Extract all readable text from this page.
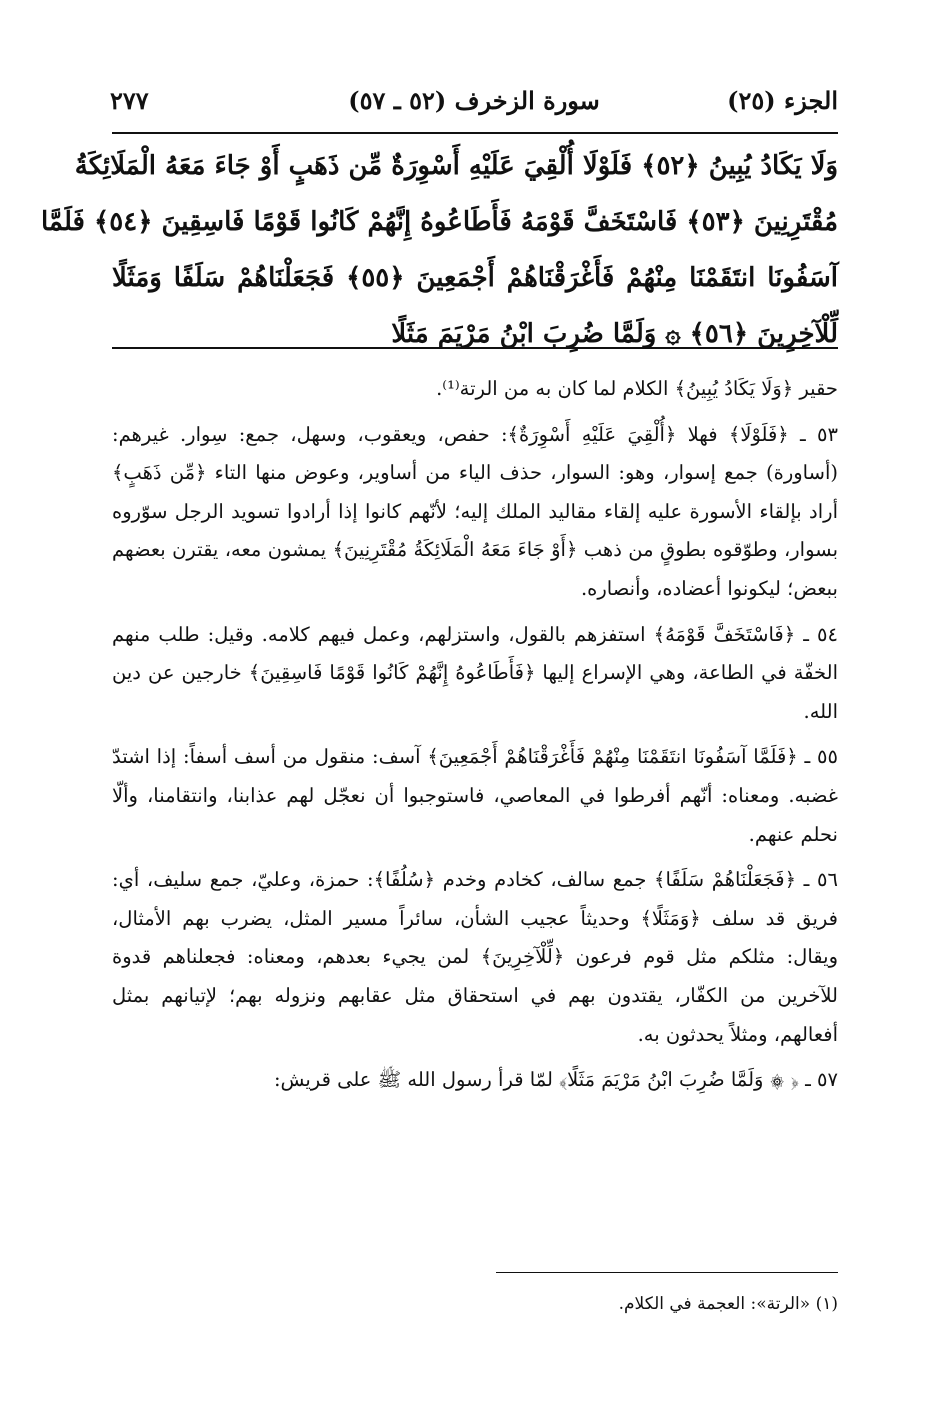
الجزء (٢٥)
سورة الزخرف (٥٢ ـ ٥٧)
٢٧٧
وَلَا يَكَادُ يُبِينُ ﴿٥٢﴾ فَلَوْلَا أُلْقِيَ عَلَيْهِ أَسْوِرَةٌ مِّن ذَهَبٍ أَوْ جَاءَ مَعَهُ الْمَلَائِكَةُ
مُقْتَرِنِينَ ﴿٥٣﴾ فَاسْتَخَفَّ قَوْمَهُ فَأَطَاعُوهُ إِنَّهُمْ كَانُوا قَوْمًا فَاسِقِينَ ﴿٥٤﴾ فَلَمَّا
آسَفُونَا انتَقَمْنَا مِنْهُمْ فَأَغْرَقْنَاهُمْ أَجْمَعِينَ ﴿٥٥﴾ فَجَعَلْنَاهُمْ سَلَفًا وَمَثَلًا
لِّلْآخِرِينَ ﴿٥٦﴾ ۞ وَلَمَّا ضُرِبَ ابْنُ مَرْيَمَ مَثَلًا

حقير ﴿وَلَا يَكَادُ يُبِينُ﴾ الكلام لما كان به من الرتة⁽¹⁾.

٥٣ ـ ﴿فَلَوْلَا﴾ فهلا ﴿أُلْقِيَ عَلَيْهِ أَسْوِرَةٌ﴾: حفص، ويعقوب، وسهل، جمع: سِوار. غيرهم: (أساورة) جمع إسوار، وهو: السوار، حذف الياء من أساوير، وعوض منها التاء ﴿مِّن ذَهَبٍ﴾ أراد بإلقاء الأسورة عليه إلقاء مقاليد الملك إليه؛ لأنّهم كانوا إذا أرادوا تسويد الرجل سوّروه بسوار، وطوّقوه بطوقٍ من ذهب ﴿أَوْ جَاءَ مَعَهُ الْمَلَائِكَةُ مُقْتَرِنِينَ﴾ يمشون معه، يقترن بعضهم ببعض؛ ليكونوا أعضاده، وأنصاره.

٥٤ ـ ﴿فَاسْتَخَفَّ قَوْمَهُ﴾ استفزهم بالقول، واستزلهم، وعمل فيهم كلامه. وقيل: طلب منهم الخفّة في الطاعة، وهي الإسراع إليها ﴿فَأَطَاعُوهُ إِنَّهُمْ كَانُوا قَوْمًا فَاسِقِينَ﴾ خارجين عن دين الله.

٥٥ ـ ﴿فَلَمَّا آسَفُونَا انتَقَمْنَا مِنْهُمْ فَأَغْرَقْنَاهُمْ أَجْمَعِينَ﴾ آسف: منقول من أسف أسفاً: إذا اشتدّ غضبه. ومعناه: أنّهم أفرطوا في المعاصي، فاستوجبوا أن نعجّل لهم عذابنا، وانتقامنا، وألّا نحلم عنهم.

٥٦ ـ ﴿فَجَعَلْنَاهُمْ سَلَفًا﴾ جمع سالف، كخادم وخدم ﴿سُلُفًا﴾: حمزة، وعليّ، جمع سليف، أي: فريق قد سلف ﴿وَمَثَلًا﴾ وحديثاً عجيب الشأن، سائراً مسير المثل، يضرب بهم الأمثال، ويقال: مثلكم مثل قوم فرعون ﴿لِّلْآخِرِينَ﴾ لمن يجيء بعدهم، ومعناه: فجعلناهم قدوة للآخرين من الكفّار، يقتدون بهم في استحقاق مثل عقابهم ونزوله بهم؛ لإتيانهم بمثل أفعالهم، ومثلاً يحدثون به.

٥٧ ـ ﴿ ۞ وَلَمَّا ضُرِبَ ابْنُ مَرْيَمَ مَثَلًا﴾ لمّا قرأ رسول الله ﷺ على قريش:

(١) «الرتة»: العجمة في الكلام.
